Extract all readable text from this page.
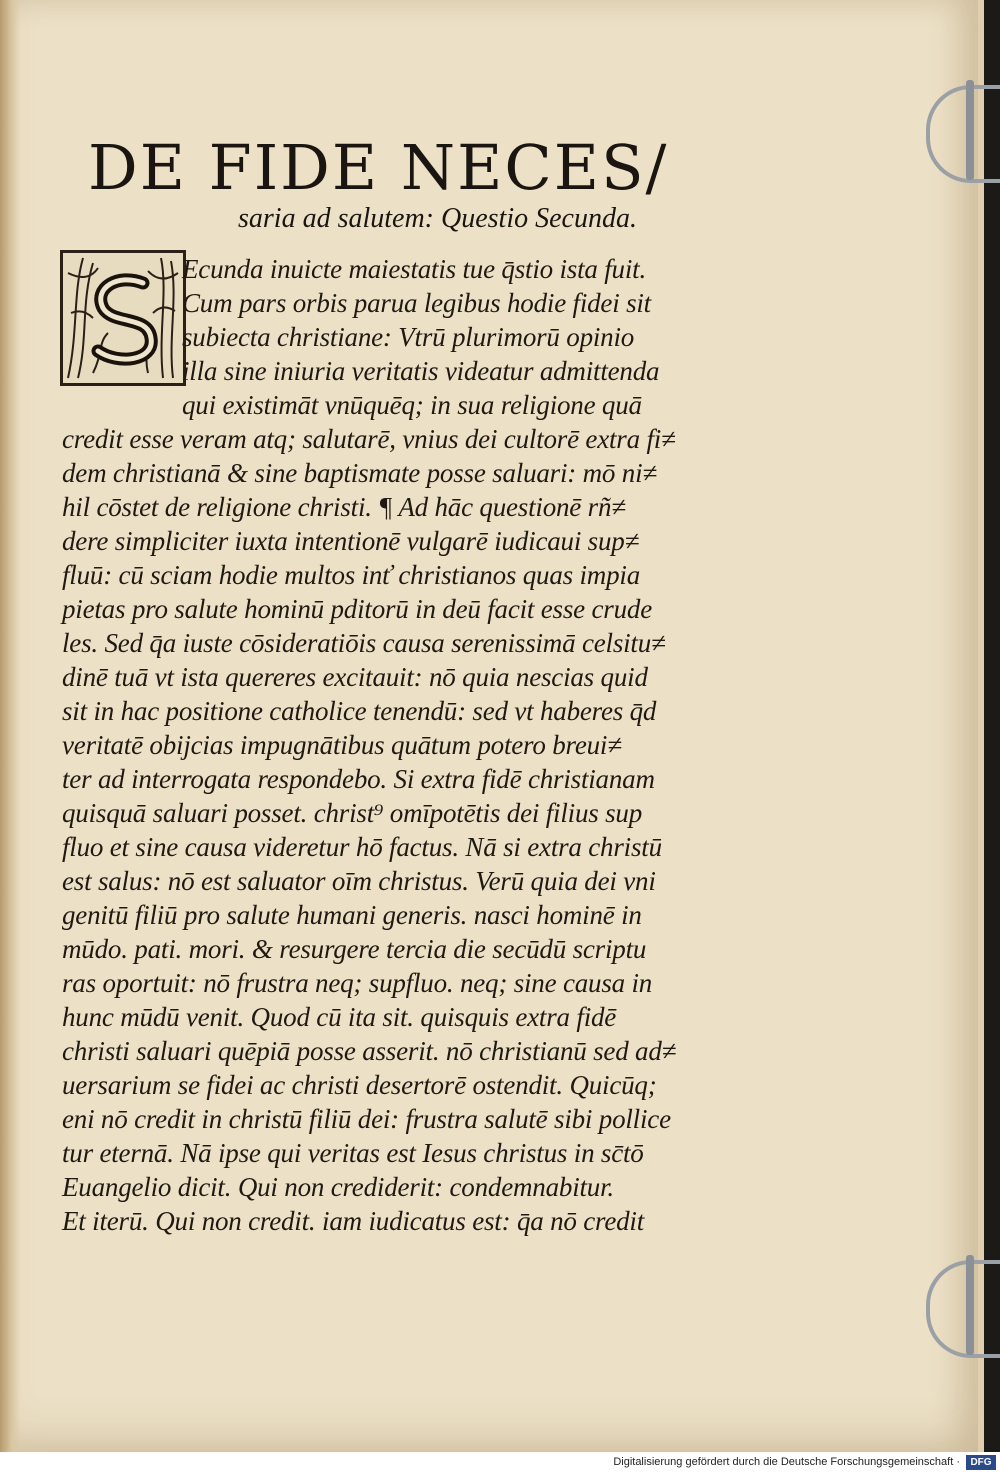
DE FIDE NECES/
saria ad salutem: Questio Secunda.
Ecunda inuicte maiestatis tue q̄stio ista fuit.
Cum pars orbis parua legibus hodie fidei sit
subiecta christiane: Vtrū plurimorū opinio
illa sine iniuria veritatis videatur admittenda
qui existimāt vnūquēq; in sua religione quā
credit esse veram atq; salutarē, vnius dei cultorē extra fi≠
dem christianā & sine baptismate posse saluari: mō ni≠
hil cōstet de religione christi. ¶ Ad hāc questionē rñ≠
dere simpliciter iuxta intentionē vulgarē iudicaui sup≠
fluū: cū sciam hodie multos inť christianos quas impia
pietas pro salute hominū pditorū in deū facit esse crude
les. Sed q̄a iuste cōsideratiōis causa serenissimā celsitu≠
dinē tuā vt ista quereres excitauit: nō quia nescias quid
sit in hac positione catholice tenendū: sed vt haberes q̄d
veritatē obijcias impugnātibus quātum potero breui≠
ter ad interrogata respondebo. Si extra fidē christianam
quisquā saluari posset. christ⁹ omīpotētis dei filius sup
fluo et sine causa videretur hō factus. Nā si extra christū
est salus: nō est saluator oīm christus. Verū quia dei vni
genitū filiū pro salute humani generis. nasci hominē in
mūdo. pati. mori. & resurgere tercia die secūdū scriptu
ras oportuit: nō frustra neq; supfluo. neq; sine causa in
hunc mūdū venit. Quod cū ita sit. quisquis extra fidē
christi saluari quēpiā posse asserit. nō christianū sed ad≠
uersarium se fidei ac christi desertorē ostendit. Quicūq;
eni nō credit in christū filiū dei: frustra salutē sibi pollice
tur eternā. Nā ipse qui veritas est Iesus christus in sc̄tō
Euangelio dicit. Qui non crediderit: condemnabitur.
Et iterū. Qui non credit. iam iudicatus est: q̄a nō credit
Digitalisierung gefördert durch die Deutsche Forschungsgemeinschaft ·	DFG
